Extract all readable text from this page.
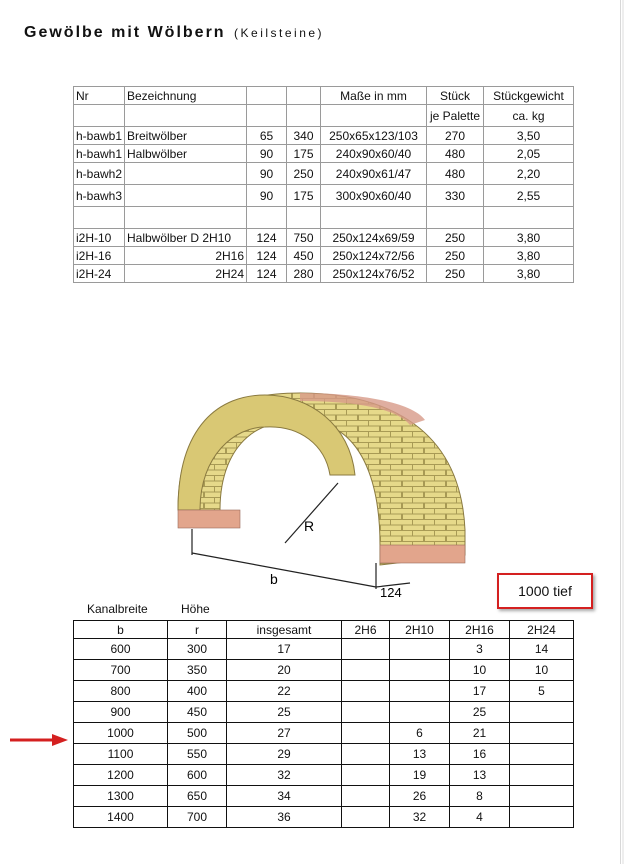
Gewölbe mit Wölbern (Keilsteine)
Nr	Bezeichnung			Maße in mm	Stück	Stückgewicht
					je Palette	ca. kg
h-bawb1	Breitwölber	65	340	250x65x123/103	270	3,50
h-bawh1	Halbwölber	90	175	240x90x60/40	480	2,05
h-bawh2		90	250	240x90x61/47	480	2,20
h-bawh3		90	175	300x90x60/40	330	2,55

i2H-10	Halbwölber D 2H10	124	750	250x124x69/59	250	3,80
i2H-16	2H16	124	450	250x124x72/56	250	3,80
i2H-24	2H24	124	280	250x124x76/52	250	3,80
R
b
124	1000 tief
Kanalbreite	Höhe
b	r	insgesamt	2H6	2H10	2H16	2H24
600	300	17			3	14
700	350	20			10	10
800	400	22			17	5
900	450	25			25	
1000	500	27		6	21	
1100	550	29		13	16	
1200	600	32		19	13	
1300	650	34		26	8	
1400	700	36		32	4	
